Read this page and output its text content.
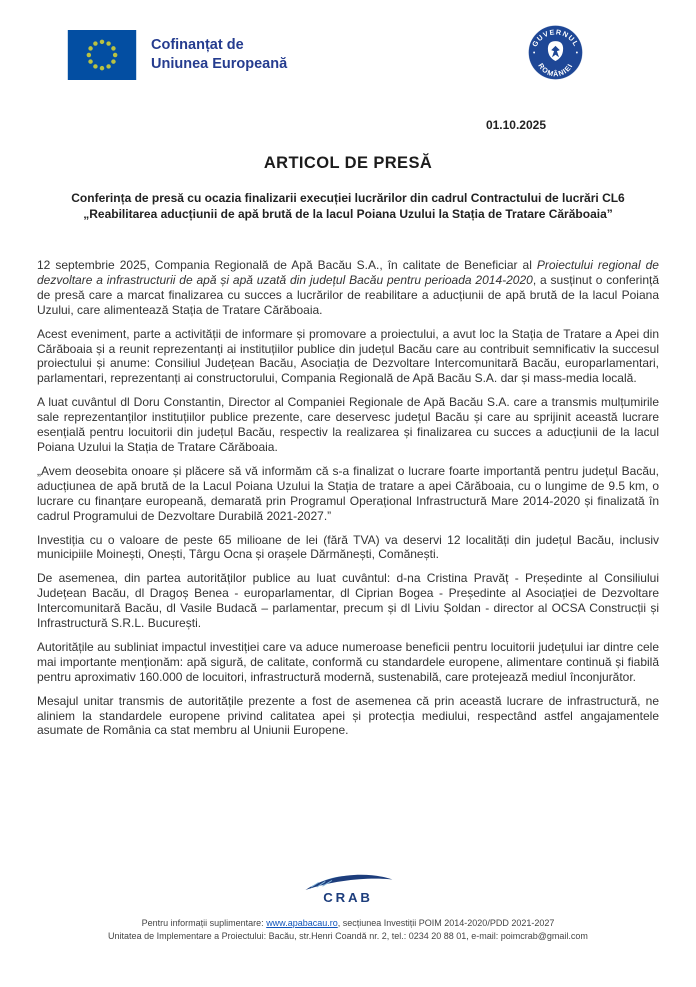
Cofinanțat de
Uniunea Europeană
GUVERNUL
ROMÂNIEI
01.10.2025
ARTICOL DE PRESĂ
Conferința de presă cu ocazia finalizarii execuției lucrărilor din cadrul Contractului de lucrări CL6 „Reabilitarea aducțiunii de apă brută de la lacul Poiana Uzului la Stația de Tratare Cărăboaia”

12 septembrie 2025, Compania Regională de Apă Bacău S.A., în calitate de Beneficiar al Proiectului regional de dezvoltare a infrastructurii de apă și apă uzată din județul Bacău pentru perioada 2014-2020, a susținut o conferință de presă care a marcat finalizarea cu succes a lucrărilor de reabilitare a aducțiunii de apă brută de la lacul Poiana Uzului, care alimentează Stația de Tratare Cărăboaia.

Acest eveniment, parte a activității de informare și promovare a proiectului, a avut loc la Stația de Tratare a Apei din Cărăboaia și a reunit reprezentanți ai instituțiilor publice din județul Bacău care au contribuit semnificativ la succesul proiectului și anume: Consiliul Județean Bacău, Asociația de Dezvoltare Intercomunitară Bacău, europarlamentari, parlamentari, reprezentanți ai constructorului, Compania Regională de Apă Bacău S.A. dar și mass-media locală.

A luat cuvântul dl Doru Constantin, Director al Companiei Regionale de Apă Bacău S.A. care a transmis mulțumirile sale reprezentanților instituțiilor publice prezente, care deservesc județul Bacău și care au sprijinit această lucrare esențială pentru locuitorii din județul Bacău, respectiv la realizarea și finalizarea cu succes a aducțiunii de la lacul Poiana Uzului la Stația de Tratare Cărăboaia.

„Avem deosebita onoare și plăcere să vă informăm că s-a finalizat o lucrare foarte importantă pentru județul Bacău, aducțiunea de apă brută de la Lacul Poiana Uzului la Stația de tratare a apei Cărăboaia, cu o lungime de 9.5 km, o lucrare cu finanțare europeană, demarată prin Programul Operațional Infrastructură Mare 2014-2020 și finalizată în cadrul Programului de Dezvoltare Durabilă 2021-2027.”

Investiția cu o valoare de peste 65 milioane de lei (fără TVA) va deservi 12 localități din județul Bacău, inclusiv municipiile Moinești, Onești, Târgu Ocna și orașele Dărmănești, Comănești.

De asemenea, din partea autorităților publice au luat cuvântul: d-na Cristina Pravăț - Președinte al Consiliului Județean Bacău, dl Dragoș Benea - europarlamentar, dl Ciprian Bogea - Președinte al Asociației de Dezvoltare Intercomunitară Bacău, dl Vasile Budacă – parlamentar, precum și dl Liviu Șoldan - director al OCSA Construcții și Infrastructură S.R.L. București.

Autoritățile au subliniat impactul investiției care va aduce numeroase beneficii pentru locuitorii județului iar dintre cele mai importante menționăm: apă sigură, de calitate, conformă cu standardele europene, alimentare continuă și fiabilă pentru aproximativ 160.000 de locuitori, infrastructură modernă, sustenabilă, care protejează mediul înconjurător.

Mesajul unitar transmis de autoritățile prezente a fost de asemenea că prin această lucrare de infrastructură, ne aliniem la standardele europene privind calitatea apei și protecția mediului, respectând astfel angajamentele asumate de România ca stat membru al Uniunii Europene.

CRAB
Pentru informații suplimentare: www.apabacau.ro, secțiunea Investiții POIM 2014-2020/PDD 2021-2027
Unitatea de Implementare a Proiectului: Bacău, str.Henri Coandă nr. 2, tel.: 0234 20 88 01, e-mail: poimcrab@gmail.com
